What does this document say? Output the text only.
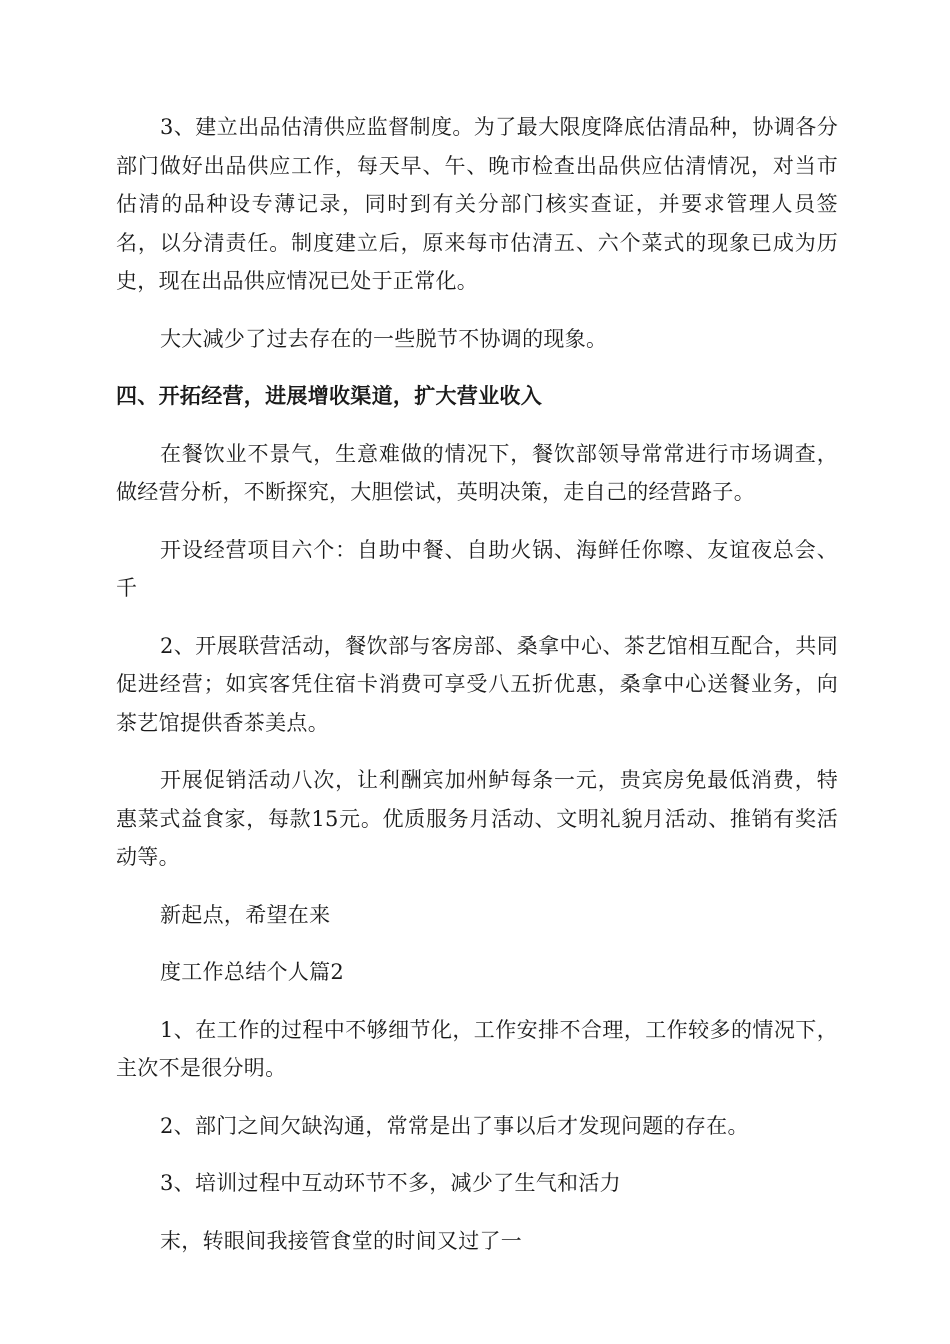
3、建立出品估清供应监督制度。为了最大限度降底估清品种，协调各分部门做好出品供应工作，每天早、午、晚市检查出品供应估清情况，对当市估清的品种设专薄记录，同时到有关分部门核实查证，并要求管理人员签名，以分清责任。制度建立后，原来每市估清五、六个菜式的现象已成为历史，现在出品供应情况已处于正常化。

大大减少了过去存在的一些脱节不协调的现象。

四、开拓经营，进展增收渠道，扩大营业收入

在餐饮业不景气，生意难做的情况下，餐饮部领导常常进行市场调查，做经营分析，不断探究，大胆偿试，英明决策，走自己的经营路子。

开设经营项目六个：自助中餐、自助火锅、海鲜任你嚓、友谊夜总会、千

2、开展联营活动，餐饮部与客房部、桑拿中心、茶艺馆相互配合，共同促进经营；如宾客凭住宿卡消费可享受八五折优惠，桑拿中心送餐业务，向茶艺馆提供香茶美点。

开展促销活动八次，让利酬宾加州鲈每条一元，贵宾房免最低消费，特惠菜式益食家，每款15元。优质服务月活动、文明礼貌月活动、推销有奖活动等。

新起点，希望在来

度工作总结个人篇2

1、在工作的过程中不够细节化，工作安排不合理，工作较多的情况下，主次不是很分明。

2、部门之间欠缺沟通，常常是出了事以后才发现问题的存在。

3、培训过程中互动环节不多，减少了生气和活力

末，转眼间我接管食堂的时间又过了一
